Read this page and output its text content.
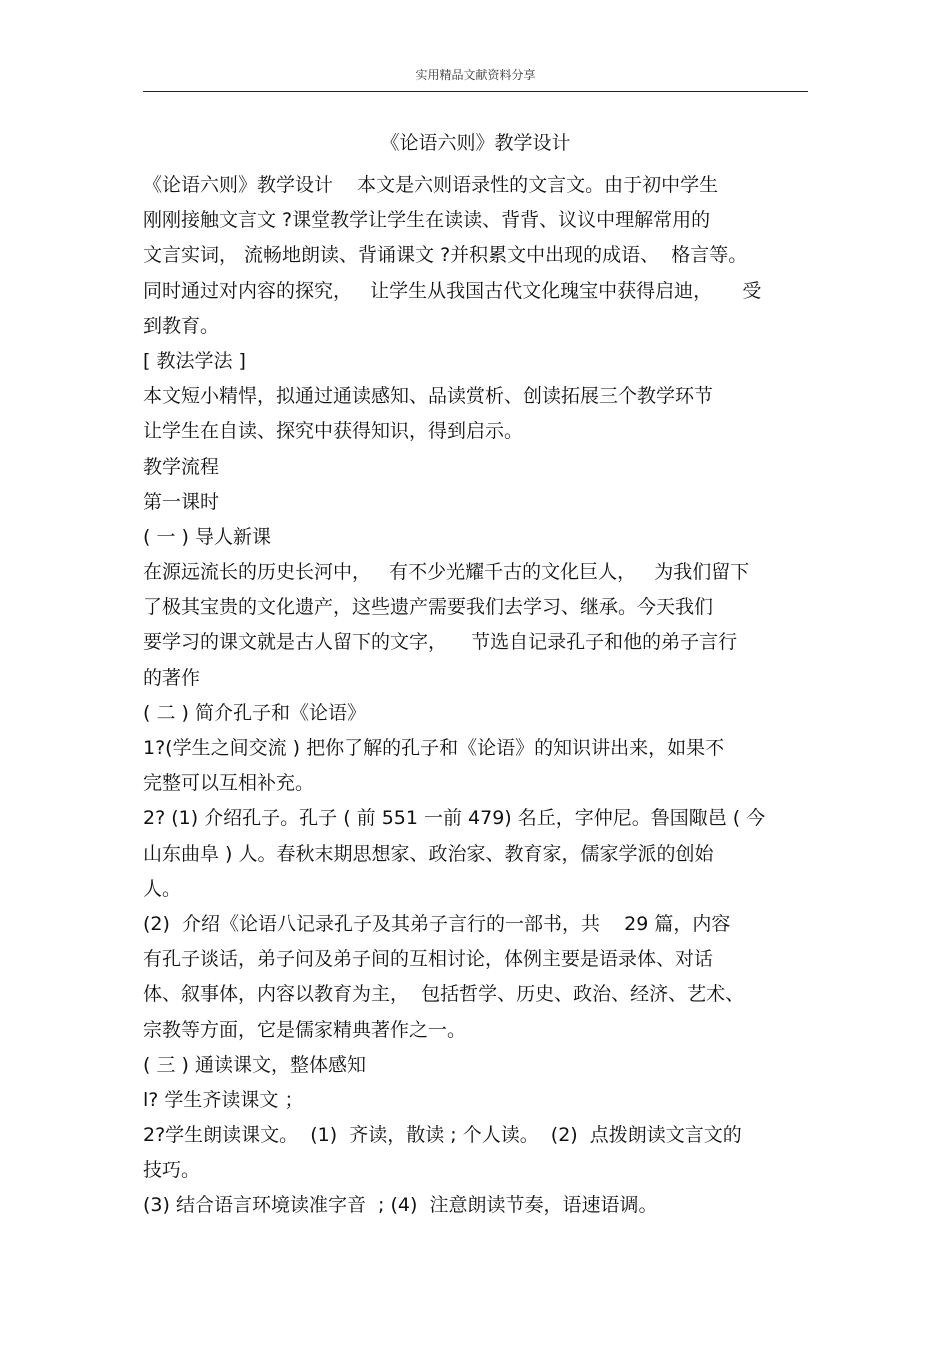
实用精品文献资料分享
《论语六则》教学设计
《论语六则》教学设计    本文是六则语录性的文言文。由于初中学生
刚刚接触文言文 ?课堂教学让学生在读读、背背、议议中理解常用的
文言实词， 流畅地朗读、背诵课文 ?并积累文中出现的成语、  格言等。
同时通过对内容的探究，   让学生从我国古代文化瑰宝中获得启迪，     受
到教育。
[ 教法学法 ]
本文短小精悍，拟通过通读感知、品读赏析、创读拓展三个教学环节
让学生在自读、探究中获得知识，得到启示。
教学流程
第一课时
( 一 ) 导人新课
在源远流长的历史长河中，   有不少光耀千古的文化巨人，   为我们留下
了极其宝贵的文化遗产，这些遗产需要我们去学习、继承。今天我们
要学习的课文就是古人留下的文字，    节选自记录孔子和他的弟子言行
的著作
( 二 ) 简介孔子和《论语》
1?(学生之间交流 ) 把你了解的孔子和《论语》的知识讲出来，如果不
完整可以互相补充。
2? (1) 介绍孔子。孔子 ( 前 551 一前 479) 名丘，字仲尼。鲁国陬邑 ( 今
山东曲阜 ) 人。春秋末期思想家、政治家、教育家，儒家学派的创始
人。
(2)  介绍《论语八记录孔子及其弟子言行的一部书，共    29 篇，内容
有孔子谈话，弟子问及弟子间的互相讨论，体例主要是语录体、对话
体、叙事体，内容以教育为主，  包括哲学、历史、政治、经济、艺术、
宗教等方面，它是儒家精典著作之一。
( 三 ) 通读课文，整体感知
l? 学生齐读课文 ；
2?学生朗读课文。  (1)  齐读，散读 ; 个人读。  (2)  点拨朗读文言文的
技巧。
(3) 结合语言环境读准字音  ; (4)  注意朗读节奏，语速语调。
